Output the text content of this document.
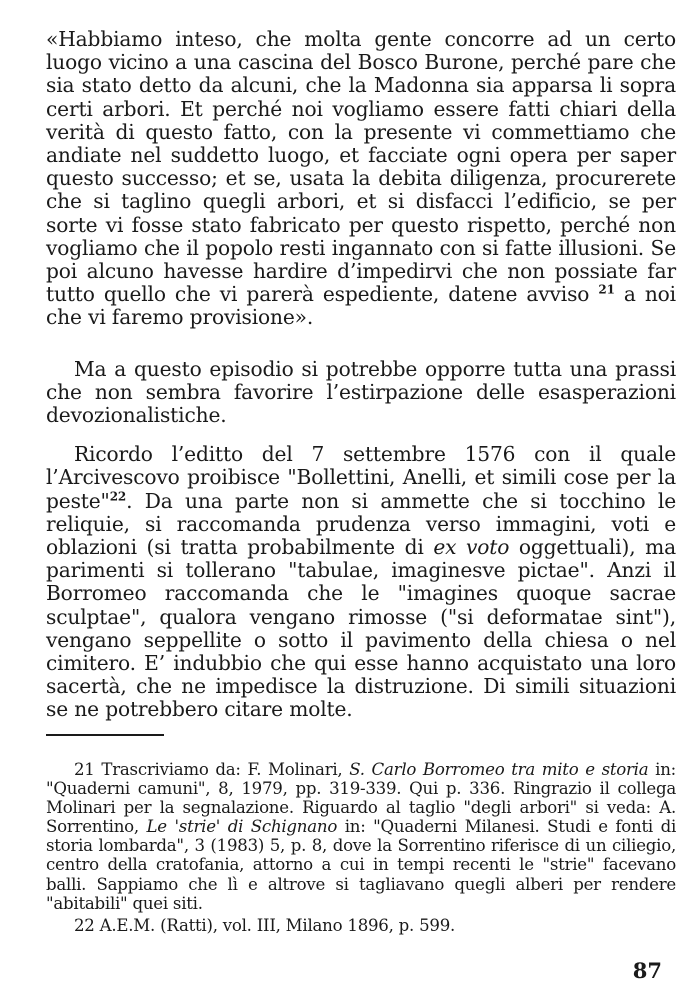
«Habbiamo inteso, che molta gente concorre ad un certo luogo vicino a una cascina del Bosco Burone, perché pare che sia stato detto da alcuni, che la Madonna sia apparsa li sopra certi arbori. Et perché noi vogliamo essere fatti chiari della verità di questo fatto, con la presente vi commettiamo che andiate nel suddetto luogo, et facciate ogni opera per saper questo successo; et se, usata la debita diligenza, procurerete che si taglino quegli arbori, et si disfacci l’edificio, se per sorte vi fosse stato fabricato per questo rispetto, perché non vogliamo che il popolo resti ingannato con si fatte illusioni. Se poi alcuno havesse hardire d’impedirvi che non possiate far tutto quello che vi parerà espediente, datene avviso $^{21}$ a noi che vi faremo provisione».

Ma a questo episodio si potrebbe opporre tutta una prassi che non sembra favorire l’estirpazione delle esasperazioni devozionalistiche.

Ricordo l’editto del 7 settembre 1576 con il quale l’Arcivescovo proibisce "Bollettini, Anelli, et simili cose per la peste"$^{22}$. Da una parte non si ammette che si tocchino le reliquie, si raccomanda prudenza verso immagini, voti e oblazioni (si tratta probabilmente di ex voto oggettuali), ma parimenti si tollerano "tabulae, imaginesve pictae". Anzi il Borromeo raccomanda che le "imagines quoque sacrae sculptae", qualora vengano rimosse ("si deformatae sint"), vengano seppellite o sotto il pavimento della chiesa o nel cimitero. E’ indubbio che qui esse hanno acquistato una loro sacertà, che ne impedisce la distruzione. Di simili situazioni se ne potrebbero citare molte.

21 Trascriviamo da: F. Molinari, S. Carlo Borromeo tra mito e storia in: "Quaderni camuni", 8, 1979, pp. 319-339. Qui p. 336. Ringrazio il collega Molinari per la segnalazione. Riguardo al taglio "degli arbori" si veda: A. Sorrentino, Le 'strie' di Schignano in: "Quaderni Milanesi. Studi e fonti di storia lombarda", 3 (1983) 5, p. 8, dove la Sorrentino riferisce di un ciliegio, centro della cratofania, attorno a cui in tempi recenti le "strie" facevano balli. Sappiamo che lì e altrove si tagliavano quegli alberi per rendere "abitabili" quei siti.

22 A.E.M. (Ratti), vol. III, Milano 1896, p. 599.

87
